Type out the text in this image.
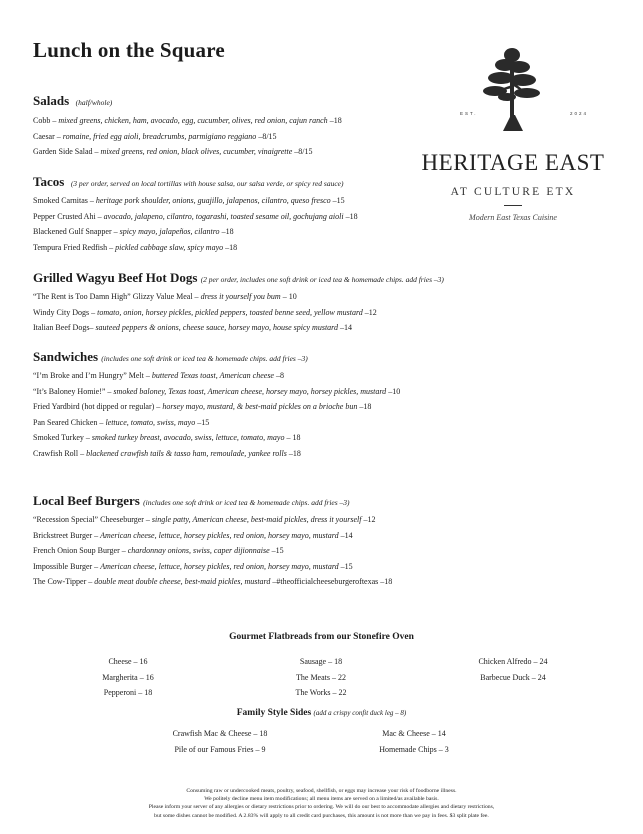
Lunch on the Square
EST.	2024
HERITAGE EAST
AT CULTURE ETX
Modern East Texas Cuisine
Salads (half/whole)
Cobb – mixed greens, chicken, ham, avocado, egg, cucumber, olives, red onion, cajun ranch –18
Caesar – romaine, fried egg aioli, breadcrumbs, parmigiano reggiano –8/15
Garden Side Salad – mixed greens, red onion, black olives, cucumber, vinaigrette –8/15
Tacos (3 per order, served on local tortillas with house salsa, our salsa verde, or spicy red sauce)
Smoked Carnitas – heritage pork shoulder, onions, guajillo, jalapenos, cilantro, queso fresco –15
Pepper Crusted Ahi – avocado, jalapeno, cilantro, togarashi, toasted sesame oil, gochujang aioli –18
Blackened Gulf Snapper – spicy mayo, jalapeños, cilantro –18
Tempura Fried Redfish – pickled cabbage slaw, spicy mayo –18
Grilled Wagyu Beef Hot Dogs (2 per order, includes one soft drink or iced tea & homemade chips. add fries –3)
“The Rent is Too Damn High” Glizzy Value Meal – dress it yourself you bum – 10
Windy City Dogs – tomato, onion, horsey pickles, pickled peppers, toasted benne seed, yellow mustard –12
Italian Beef Dogs– sauteed peppers & onions, cheese sauce, horsey mayo, house spicy mustard –14
Sandwiches (includes one soft drink or iced tea & homemade chips. add fries –3)
“I’m Broke and I’m Hungry” Melt – buttered Texas toast, American cheese –8
“It’s Baloney Homie!” – smoked baloney, Texas toast, American cheese, horsey mayo, horsey pickles, mustard –10
Fried Yardbird (hot dipped or regular) – horsey mayo, mustard, & best-maid pickles on a brioche bun –18
Pan Seared Chicken – lettuce, tomato, swiss, mayo –15
Smoked Turkey – smoked turkey breast, avocado, swiss, lettuce, tomato, mayo – 18
Crawfish Roll – blackened crawfish tails & tasso ham, remoulade, yankee rolls –18
Local Beef Burgers (includes one soft drink or iced tea & homemade chips. add fries –3)
“Recession Special” Cheeseburger – single patty, American cheese, best-maid pickles, dress it yourself –12
Brickstreet Burger – American cheese, lettuce, horsey pickles, red onion, horsey mayo, mustard –14
French Onion Soup Burger – chardonnay onions, swiss, caper dijionnaise –15
Impossible Burger – American cheese, lettuce, horsey pickles, red onion, horsey mayo, mustard –15
The Cow-Tipper – double meat double cheese, best-maid pickles, mustard –#theofficialcheeseburgeroftexas –18
Gourmet Flatbreads from our Stonefire Oven
Cheese – 16
Margherita – 16
Pepperoni – 18
Sausage – 18
The Meats – 22
The Works – 22
Chicken Alfredo – 24
Barbecue Duck – 24
Family Style Sides (add a crispy confit duck leg – 8)
Crawfish Mac & Cheese – 18
Pile of our Famous Fries – 9
Mac & Cheese – 14
Homemade Chips – 3
Consuming raw or undercooked meats, poultry, seafood, shellfish, or eggs may increase your risk of foodborne illness.
We politely decline menu item modifications; all menu items are served on a limited/as available basis.
Please inform your server of any allergies or dietary restrictions prior to ordering. We will do our best to accommodate allergies and dietary restrictions,
but some dishes cannot be modified. A 2.83% will apply to all credit card purchases, this amount is not more than we pay in fees. $3 split plate fee.
